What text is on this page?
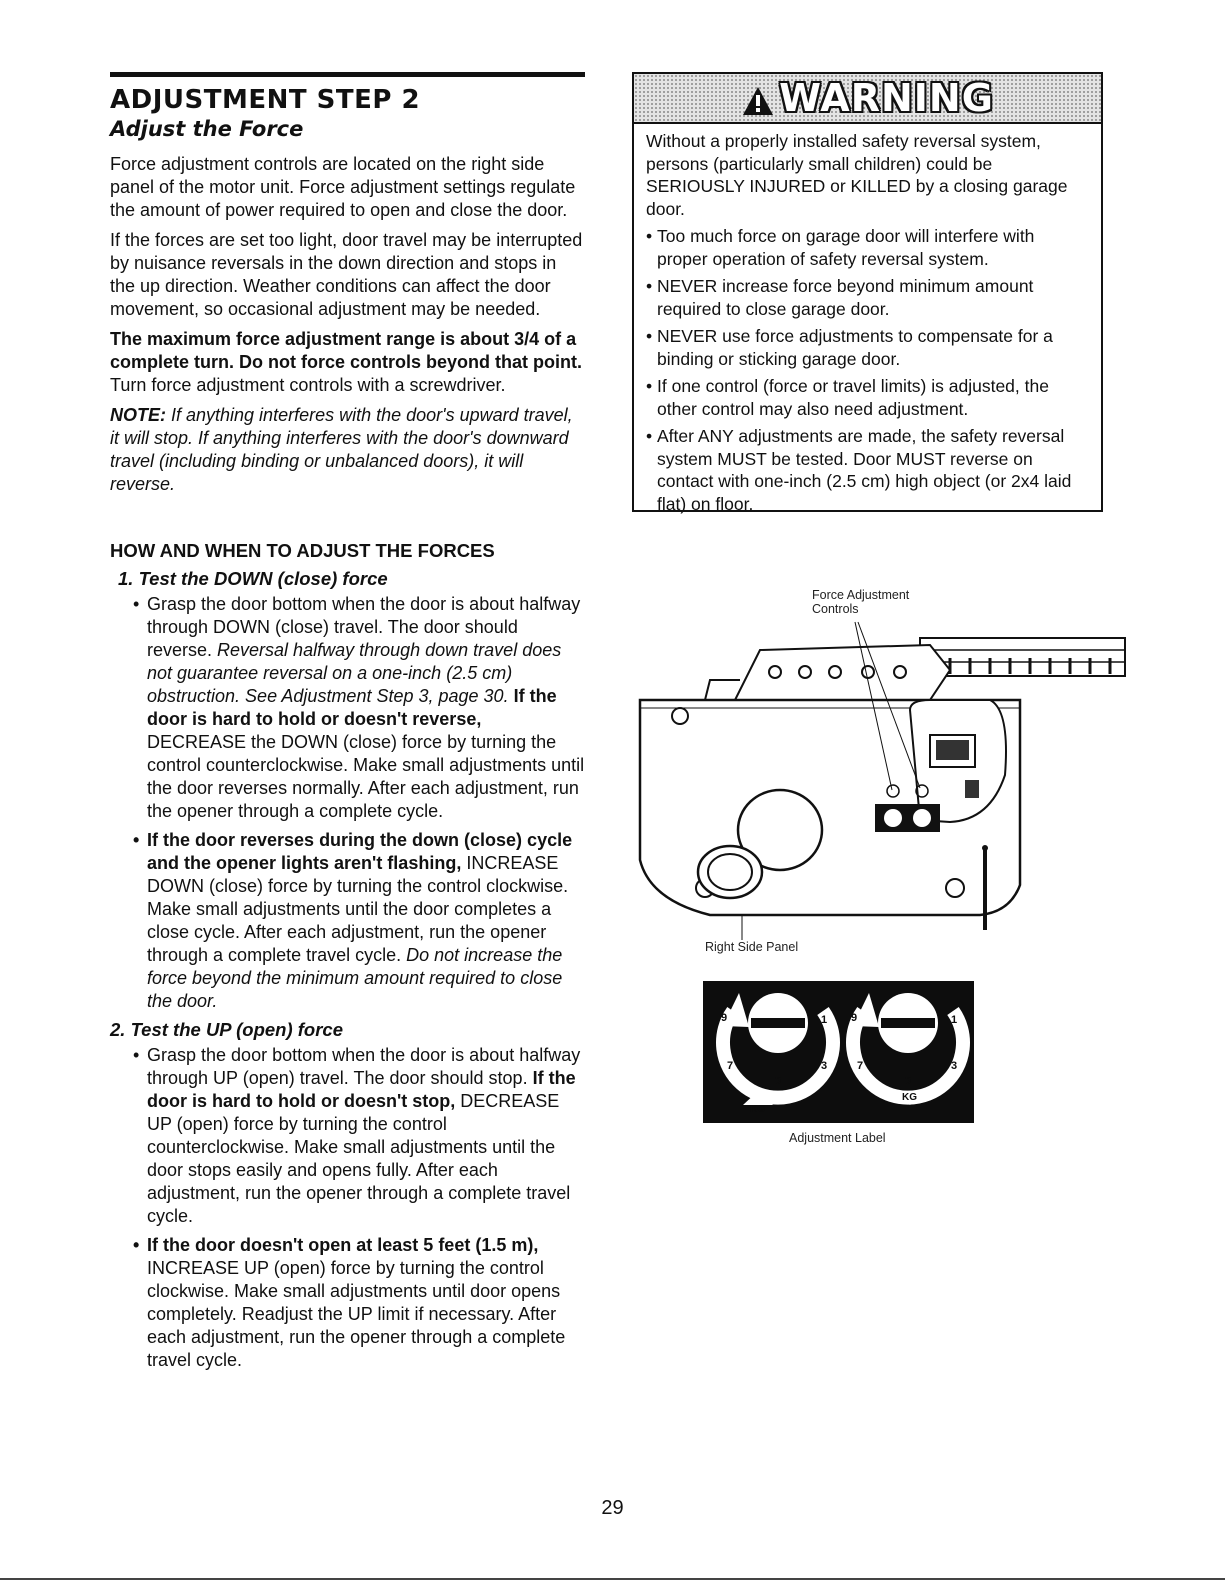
ADJUSTMENT STEP 2
Adjust the Force

Force adjustment controls are located on the right side panel of the motor unit. Force adjustment settings regulate the amount of power required to open and close the door.

If the forces are set too light, door travel may be interrupted by nuisance reversals in the down direction and stops in the up direction. Weather conditions can affect the door movement, so occasional adjustment may be needed.

The maximum force adjustment range is about 3/4 of a complete turn. Do not force controls beyond that point. Turn force adjustment controls with a screwdriver.

NOTE: If anything interferes with the door's upward travel, it will stop. If anything interferes with the door's downward travel (including binding or unbalanced doors), it will reverse.

HOW AND WHEN TO ADJUST THE FORCES
1. Test the DOWN (close) force
• Grasp the door bottom when the door is about halfway through DOWN (close) travel. The door should reverse. Reversal halfway through down travel does not guarantee reversal on a one-inch (2.5 cm) obstruction. See Adjustment Step 3, page 30. If the door is hard to hold or doesn't reverse, DECREASE the DOWN (close) force by turning the control counterclockwise. Make small adjustments until the door reverses normally. After each adjustment, run the opener through a complete cycle.
• If the door reverses during the down (close) cycle and the opener lights aren't flashing, INCREASE DOWN (close) force by turning the control clockwise. Make small adjustments until the door completes a close cycle. After each adjustment, run the opener through a complete travel cycle. Do not increase the force beyond the minimum amount required to close the door.
2. Test the UP (open) force
• Grasp the door bottom when the door is about halfway through UP (open) travel. The door should stop. If the door is hard to hold or doesn't stop, DECREASE UP (open) force by turning the control counterclockwise. Make small adjustments until the door stops easily and opens fully. After each adjustment, run the opener through a complete travel cycle.
• If the door doesn't open at least 5 feet (1.5 m), INCREASE UP (open) force by turning the control clockwise. Make small adjustments until door opens completely. Readjust the UP limit if necessary. After each adjustment, run the opener through a complete travel cycle.
WARNING

Without a properly installed safety reversal system, persons (particularly small children) could be SERIOUSLY INJURED or KILLED by a closing garage door.

• Too much force on garage door will interfere with proper operation of safety reversal system.
• NEVER increase force beyond minimum amount required to close garage door.
• NEVER use force adjustments to compensate for a binding or sticking garage door.
• If one control (force or travel limits) is adjusted, the other control may also need adjustment.
• After ANY adjustments are made, the safety reversal system MUST be tested. Door MUST reverse on contact with one-inch (2.5 cm) high object (or 2x4 laid flat) on floor.
Force Adjustment
Controls
Right Side Panel
9	1
7	3
5
KG
9	1
7	3
5
KG
Adjustment Label
29
